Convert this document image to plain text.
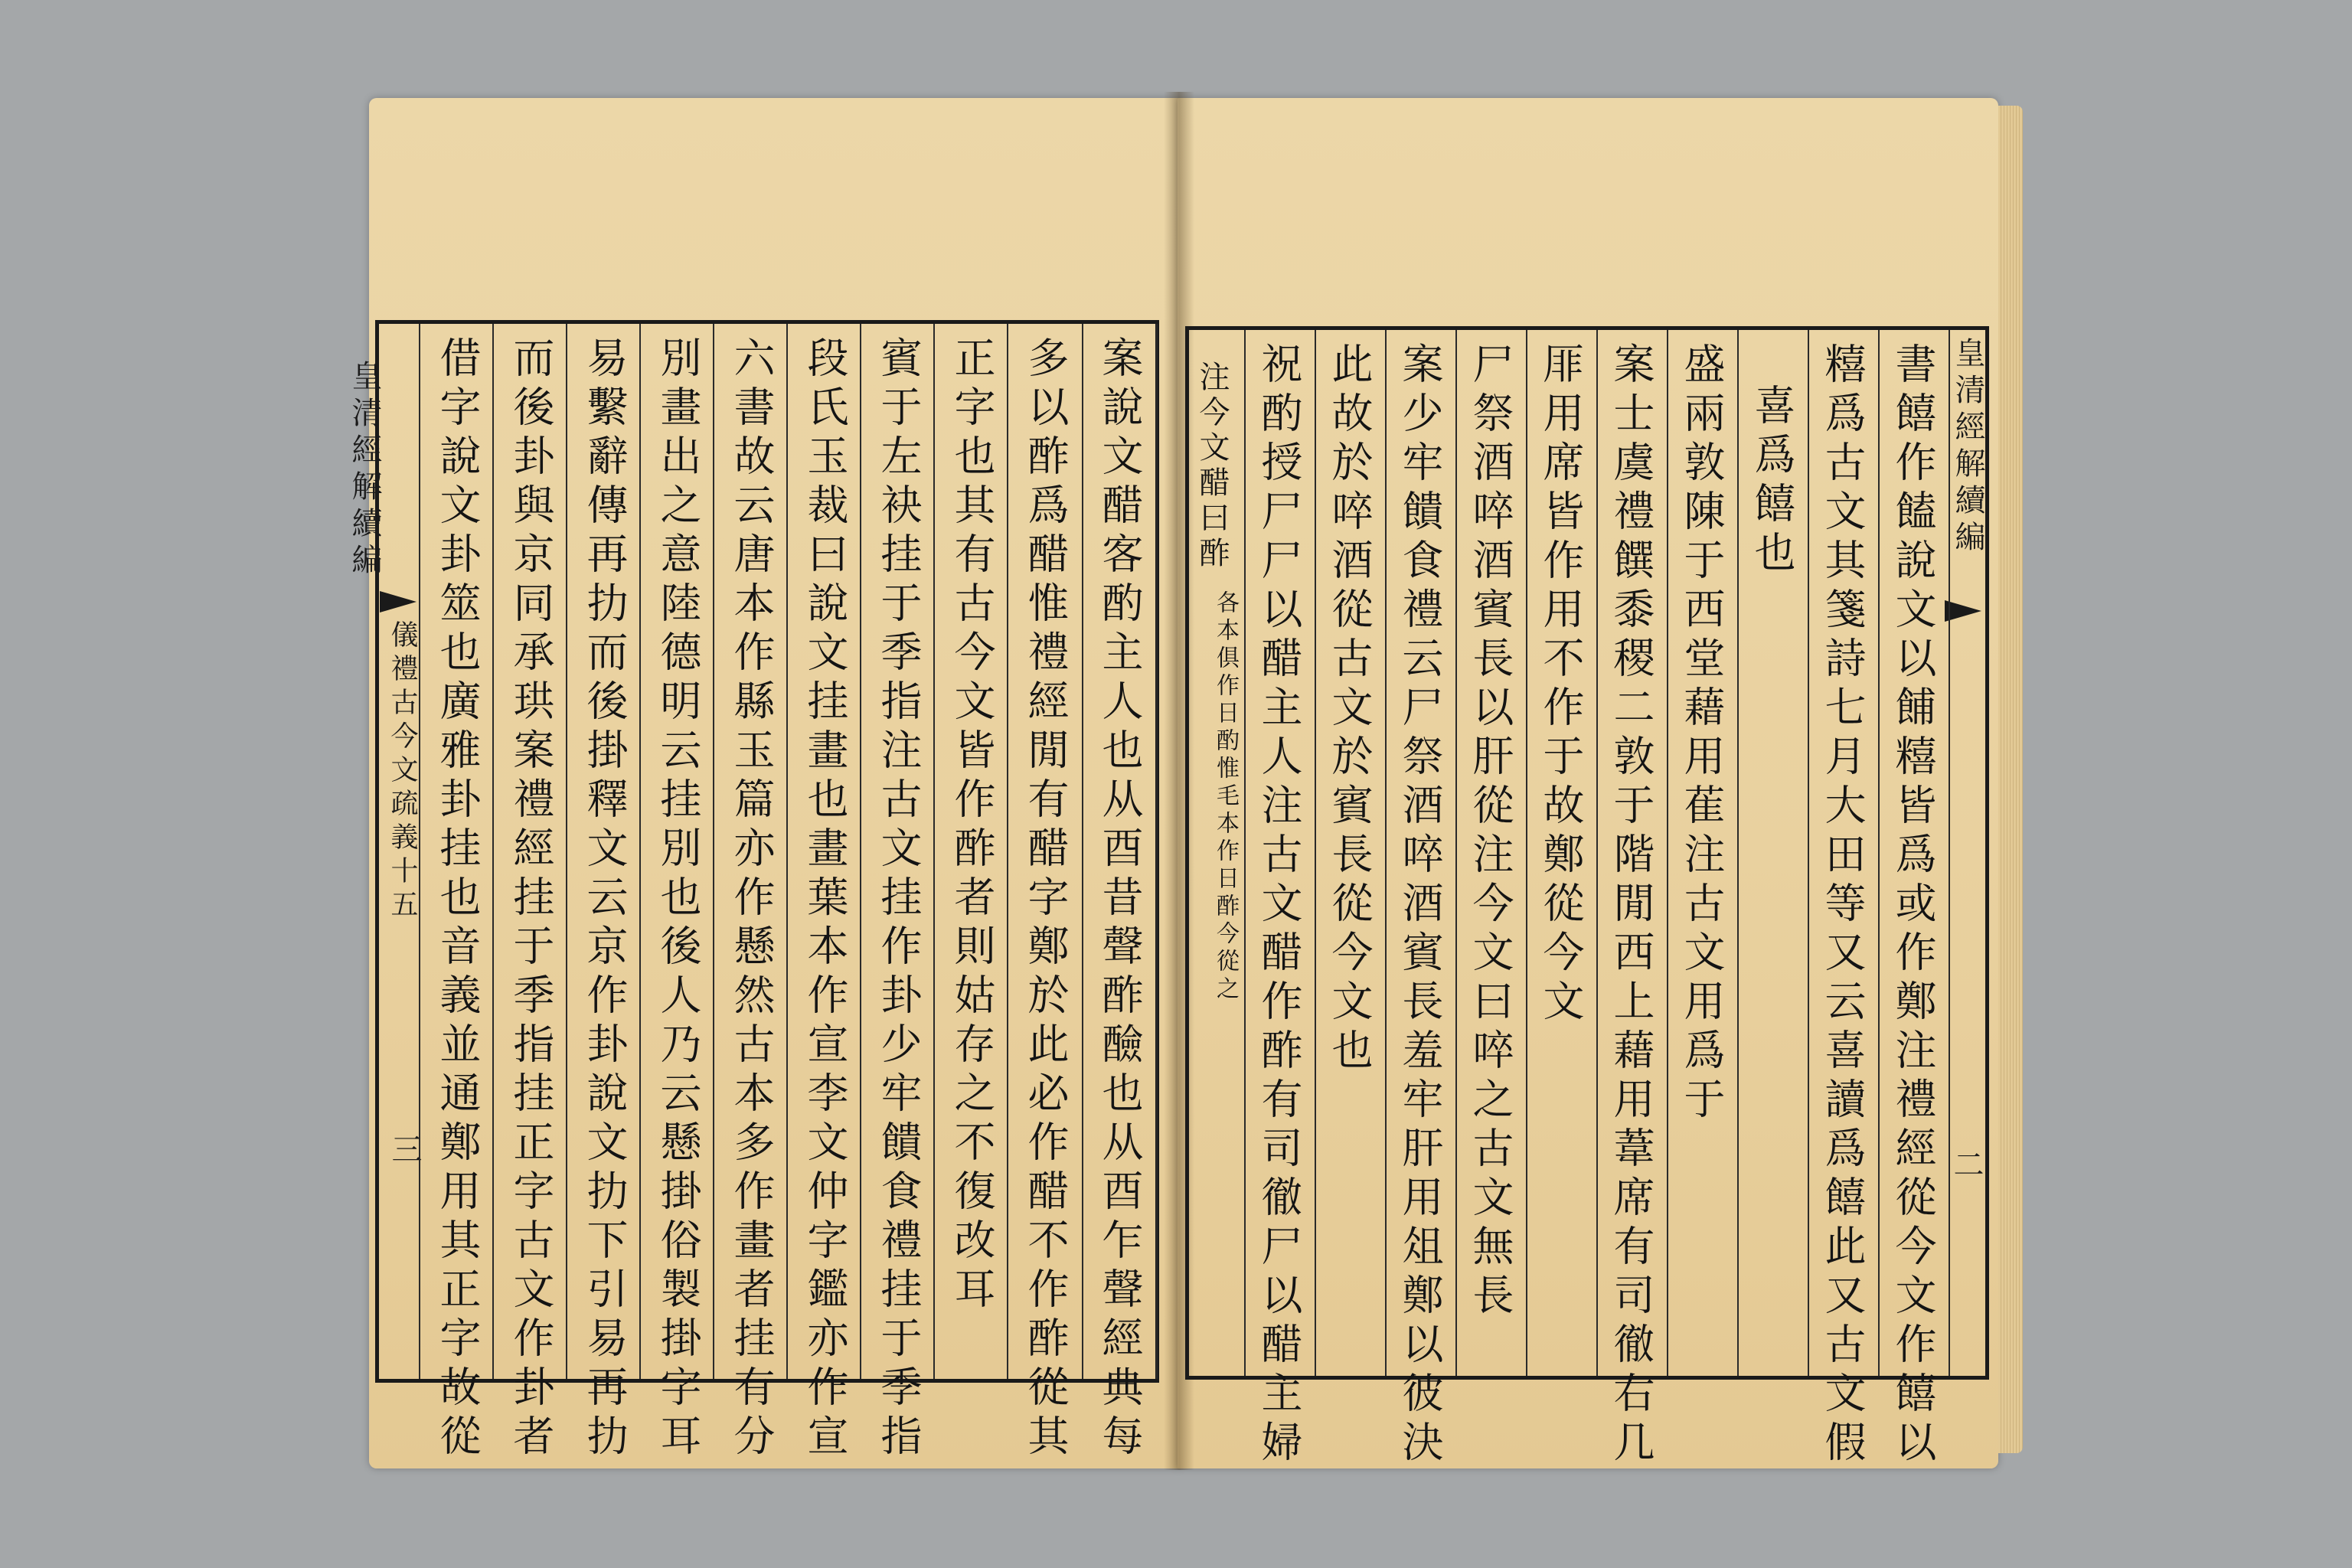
皇清經解續編
儀禮古今文疏義十五
三	案說文醋客酌主人也从酉昔聲酢醶也从酉乍聲經典每
多以酢爲醋惟禮經閒有醋字鄭於此必作醋不作酢從其
正字也其有古今文皆作酢者則姑存之不復改耳
賓于左袂挂于季指注古文挂作卦少牢饋食禮挂于季指
段氏玉裁曰說文挂畫也畫葉本作宣李文仲字鑑亦作宣
六書故云唐本作縣玉篇亦作懸然古本多作畫者挂有分
別畫出之意陸德明云挂別也後人乃云懸掛俗製掛字耳
易繫辭傳再扐而後掛釋文云京作卦說文扐下引易再扐
而後卦與京同承珙案禮經挂于季指挂正字古文作卦者
借字說文卦筮也廣雅卦挂也音義並通鄭用其正字故從	皇清經解續編
二
書饎作饁說文以餔糦皆爲或作鄭注禮經從今文作饎以
糦爲古文其箋詩七月大田等又云喜讀爲饎此又古文假
喜爲饎也
盛兩敦陳于西堂藉用萑注古文用爲于
案士虞禮饌黍稷二敦于階閒西上藉用葦席有司徹右几
厞用席皆作用不作于故鄭從今文
尸祭酒啐酒賓長以肝從注今文曰啐之古文無長
案少牢饋食禮云尸祭酒啐酒賓長羞牢肝用俎鄭以彼決
此故於啐酒從古文於賓長從今文也
祝酌授尸尸以醋主人注古文醋作酢有司徹尸以醋主婦
注今文醋曰酢
各本俱作日酌惟毛本作日酢今從之
